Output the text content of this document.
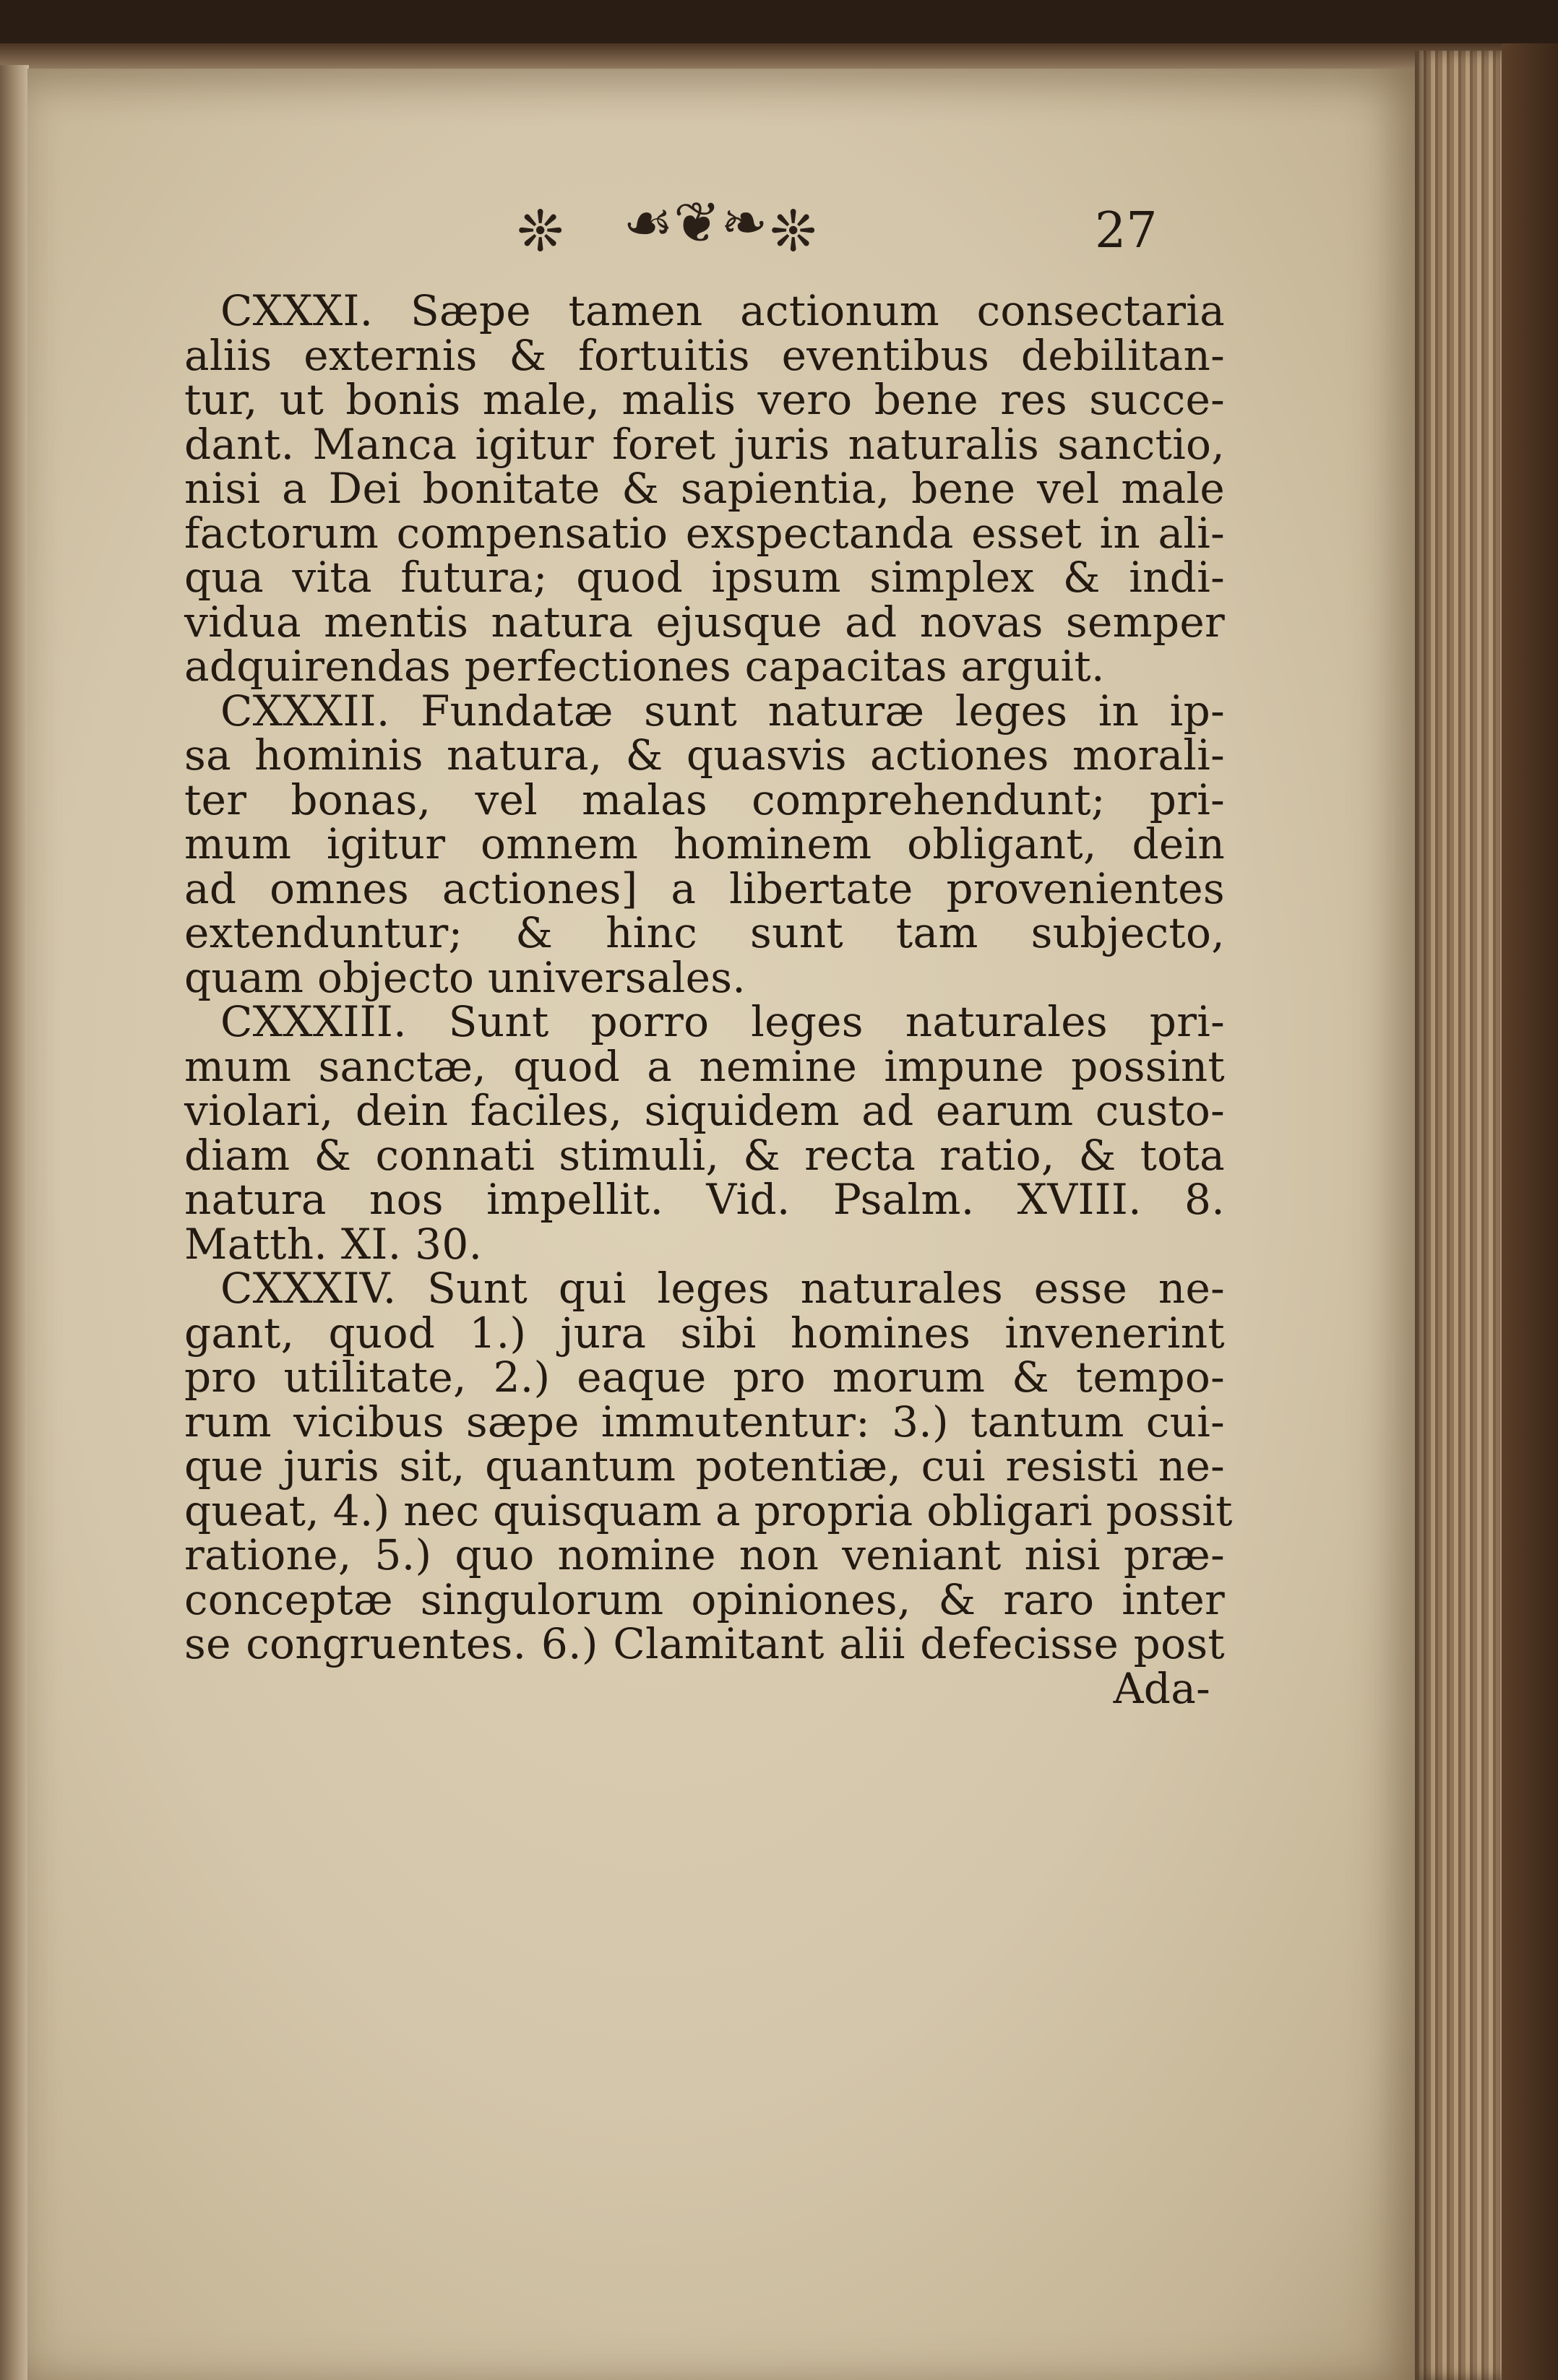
❊ ☙❦❧ ❊	27
CXXXI. Sæpe tamen actionum consectaria
aliis externis & fortuitis eventibus debilitan-
tur, ut bonis male, malis vero bene res succe-
dant. Manca igitur foret juris naturalis sanctio,
nisi a Dei bonitate & sapientia, bene vel male
factorum compensatio exspectanda esset in ali-
qua vita futura; quod ipsum simplex & indi-
vidua mentis natura ejusque ad novas semper
adquirendas perfectiones capacitas arguit.
CXXXII. Fundatæ sunt naturæ leges in ip-
sa hominis natura, & quasvis actiones morali-
ter bonas, vel malas comprehendunt; pri-
mum igitur omnem hominem obligant, dein
ad omnes actiones] a libertate provenientes
extenduntur; & hinc sunt tam subjecto,
quam objecto universales.
CXXXIII. Sunt porro leges naturales pri-
mum sanctæ, quod a nemine impune possint
violari, dein faciles, siquidem ad earum custo-
diam & connati stimuli, & recta ratio, & tota
natura nos impellit. Vid. Psalm. XVIII. 8.
Matth. XI. 30.
CXXXIV. Sunt qui leges naturales esse ne-
gant, quod 1.) jura sibi homines invenerint
pro utilitate, 2.) eaque pro morum & tempo-
rum vicibus sæpe immutentur: 3.) tantum cui-
que juris sit, quantum potentiæ, cui resisti ne-
queat, 4.) nec quisquam a propria obligari possit
ratione, 5.) quo nomine non veniant nisi præ-
conceptæ singulorum opiniones, & raro inter
se congruentes. 6.) Clamitant alii defecisse post
Ada-
